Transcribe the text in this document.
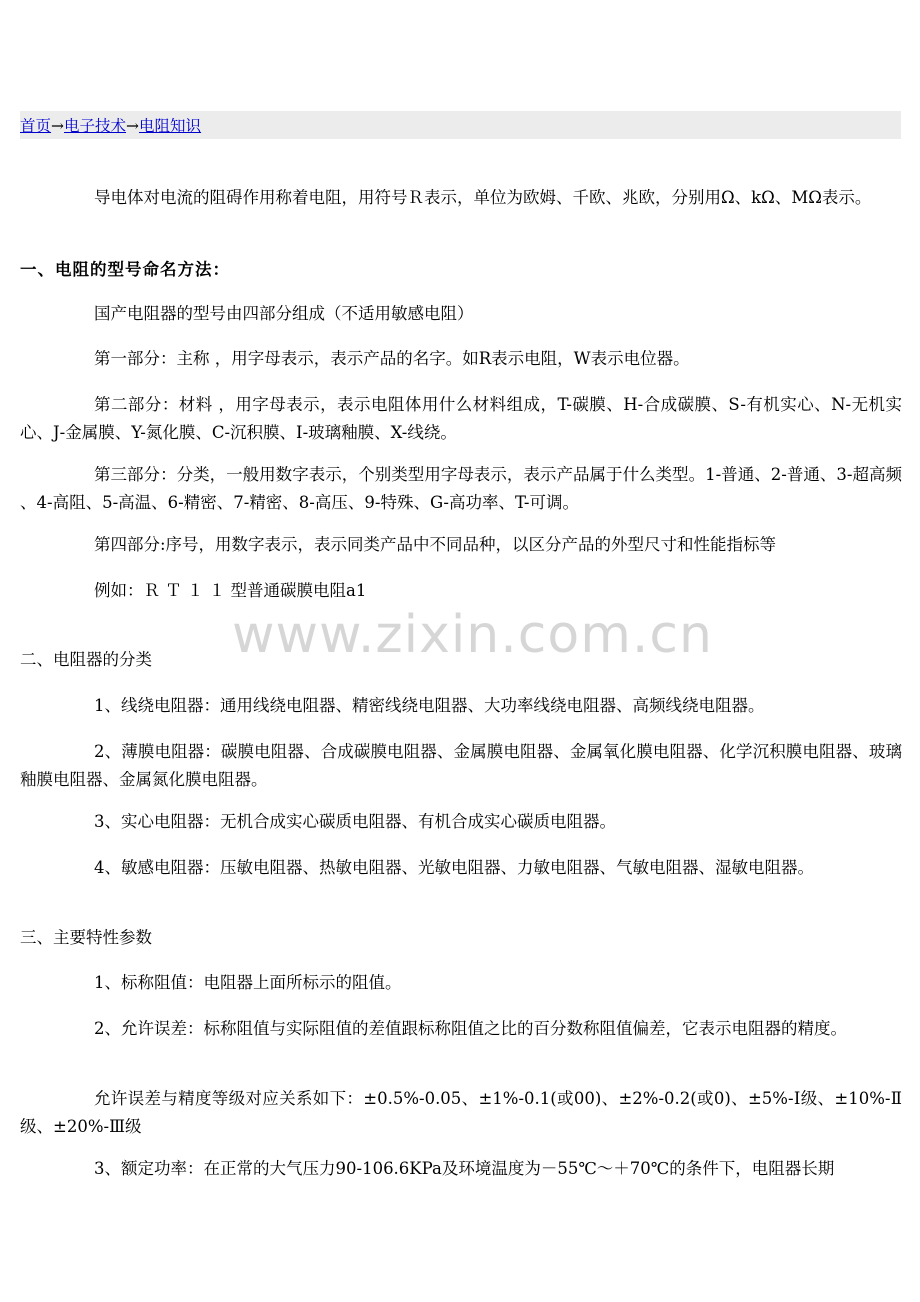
首页→电子技术→电阻知识

导电体对电流的阻碍作用称着电阻，用符号Ｒ表示，单位为欧姆、千欧、兆欧，分别用Ω、kΩ、MΩ表示。

一、电阻的型号命名方法：

国产电阻器的型号由四部分组成（不适用敏感电阻）

第一部分：主称 ，用字母表示，表示产品的名字。如R表示电阻，W表示电位器。

第二部分：材料 ，用字母表示，表示电阻体用什么材料组成，T-碳膜、H-合成碳膜、S-有机实心、N-无机实心、J-金属膜、Y-氮化膜、C-沉积膜、I-玻璃釉膜、X-线绕。

第三部分：分类，一般用数字表示，个别类型用字母表示，表示产品属于什么类型。1-普通、2-普通、3-超高频 、4-高阻、5-高温、6-精密、7-精密、8-高压、9-特殊、G-高功率、T-可调。

第四部分:序号，用数字表示，表示同类产品中不同品种，以区分产品的外型尺寸和性能指标等

例如：Ｒ Ｔ １ １ 型普通碳膜电阻a1

www.zixin.com.cn

二、电阻器的分类

1、线绕电阻器：通用线绕电阻器、精密线绕电阻器、大功率线绕电阻器、高频线绕电阻器。

2、薄膜电阻器：碳膜电阻器、合成碳膜电阻器、金属膜电阻器、金属氧化膜电阻器、化学沉积膜电阻器、玻璃釉膜电阻器、金属氮化膜电阻器。

3、实心电阻器：无机合成实心碳质电阻器、有机合成实心碳质电阻器。

4、敏感电阻器：压敏电阻器、热敏电阻器、光敏电阻器、力敏电阻器、气敏电阻器、湿敏电阻器。

三、主要特性参数

1、标称阻值：电阻器上面所标示的阻值。

2、允许误差：标称阻值与实际阻值的差值跟标称阻值之比的百分数称阻值偏差，它表示电阻器的精度。

允许误差与精度等级对应关系如下：±0.5%-0.05、±1%-0.1(或00)、±2%-0.2(或0)、±5%-Ⅰ级、±10%-Ⅱ级、±20%-Ⅲ级

3、额定功率：在正常的大气压力90-106.6KPa及环境温度为－55℃～＋70℃的条件下，电阻器长期
